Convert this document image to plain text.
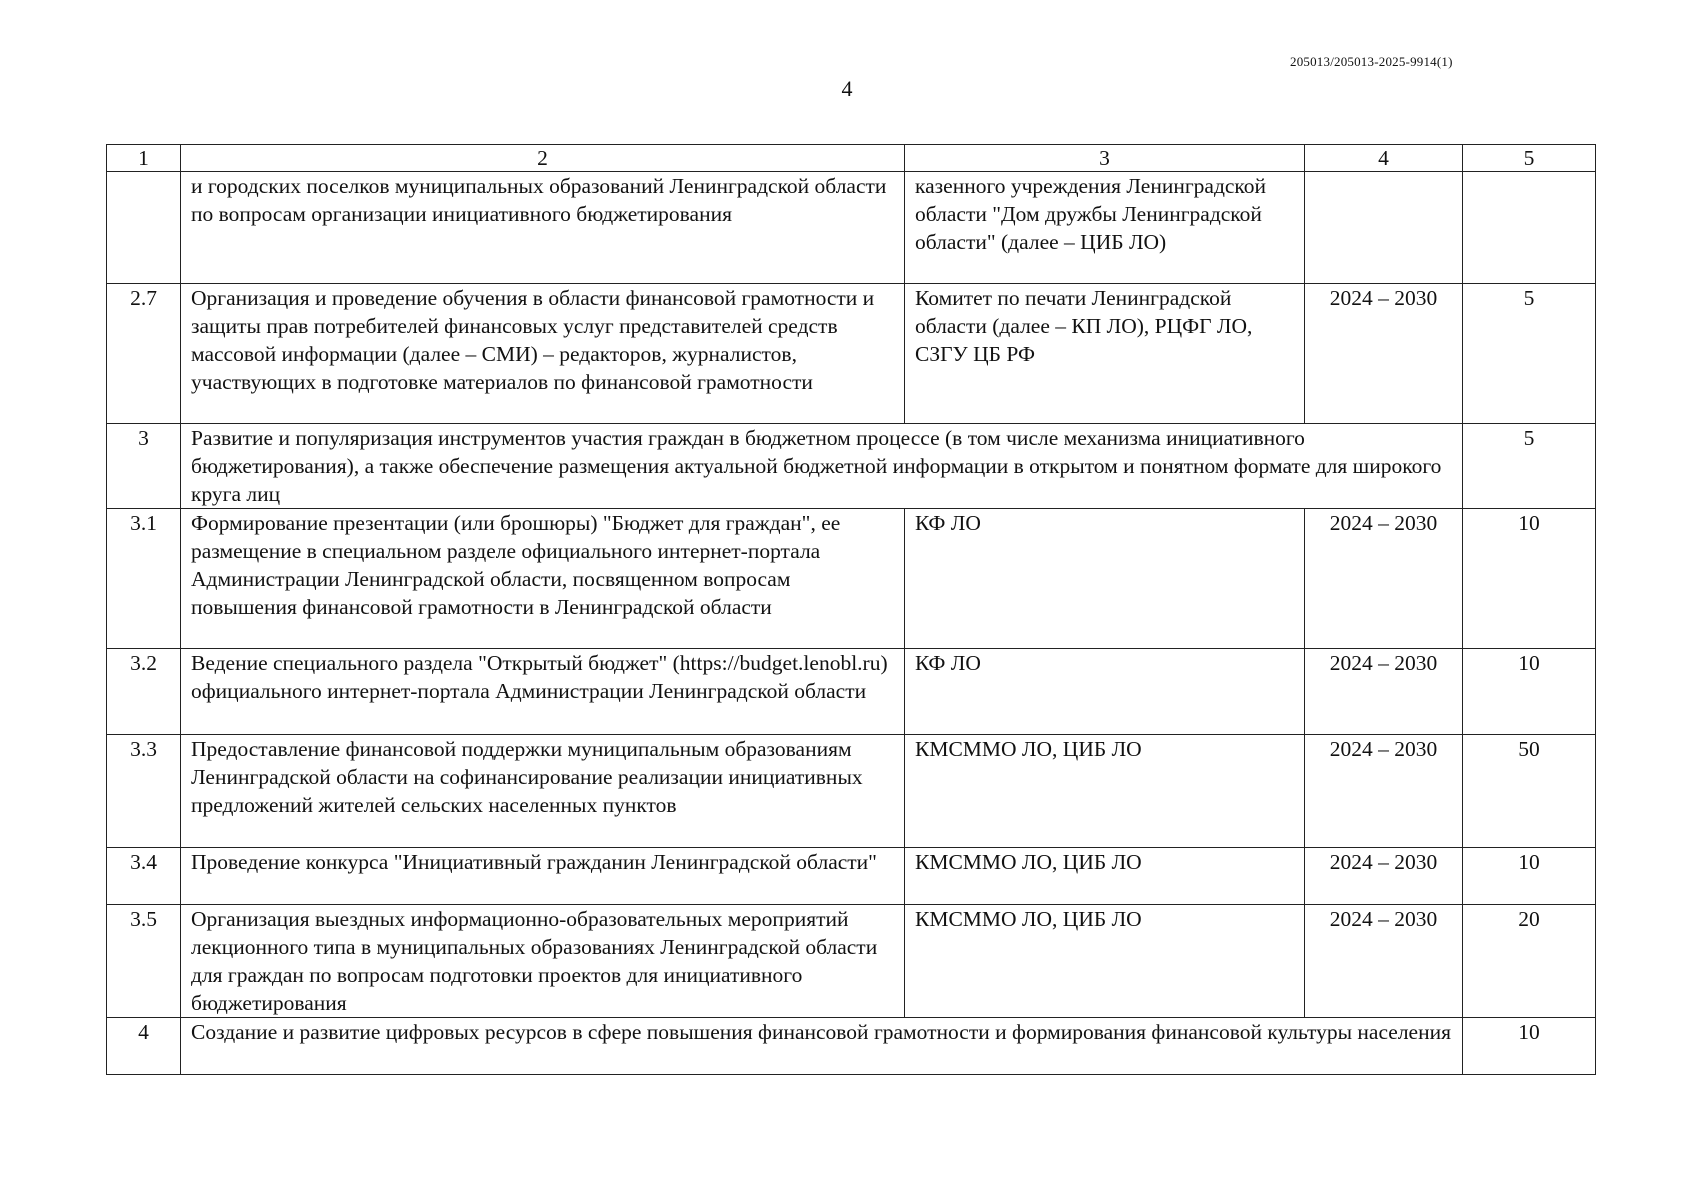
205013/205013-2025-9914(1)
4
1	2	3	4	5
	и городских поселков муниципальных образований Ленинградской области по вопросам организации инициативного бюджетирования	казенного учреждения Ленинградской области "Дом дружбы Ленинградской области" (далее – ЦИБ ЛО)		
2.7	Организация и проведение обучения в области финансовой грамотности и защиты прав потребителей финансовых услуг представителей средств массовой информации (далее – СМИ) – редакторов, журналистов, участвующих в подготовке материалов по финансовой грамотности	Комитет по печати Ленинградской области (далее – КП ЛО), РЦФГ ЛО, СЗГУ ЦБ РФ	2024 – 2030	5
3	Развитие и популяризация инструментов участия граждан в бюджетном процессе (в том числе механизма инициативного бюджетирования), а также обеспечение размещения актуальной бюджетной информации в открытом и понятном формате для широкого круга лиц			5
3.1	Формирование презентации (или брошюры) "Бюджет для граждан", ее размещение в специальном разделе официального интернет-портала Администрации Ленинградской области, посвященном вопросам повышения финансовой грамотности в Ленинградской области	КФ ЛО	2024 – 2030	10
3.2	Ведение специального раздела "Открытый бюджет" (https://budget.lenobl.ru) официального интернет-портала Администрации Ленинградской области	КФ ЛО	2024 – 2030	10
3.3	Предоставление финансовой поддержки муниципальным образованиям Ленинградской области на софинансирование реализации инициативных предложений жителей сельских населенных пунктов	КМСММО ЛО, ЦИБ ЛО	2024 – 2030	50
3.4	Проведение конкурса "Инициативный гражданин Ленинградской области"	КМСММО ЛО, ЦИБ ЛО	2024 – 2030	10
3.5	Организация выездных информационно-образовательных мероприятий лекционного типа в муниципальных образованиях Ленинградской области для граждан по вопросам подготовки проектов для инициативного бюджетирования	КМСММО ЛО, ЦИБ ЛО	2024 – 2030	20
4	Создание и развитие цифровых ресурсов в сфере повышения финансовой грамотности и формирования финансовой культуры населения			10
